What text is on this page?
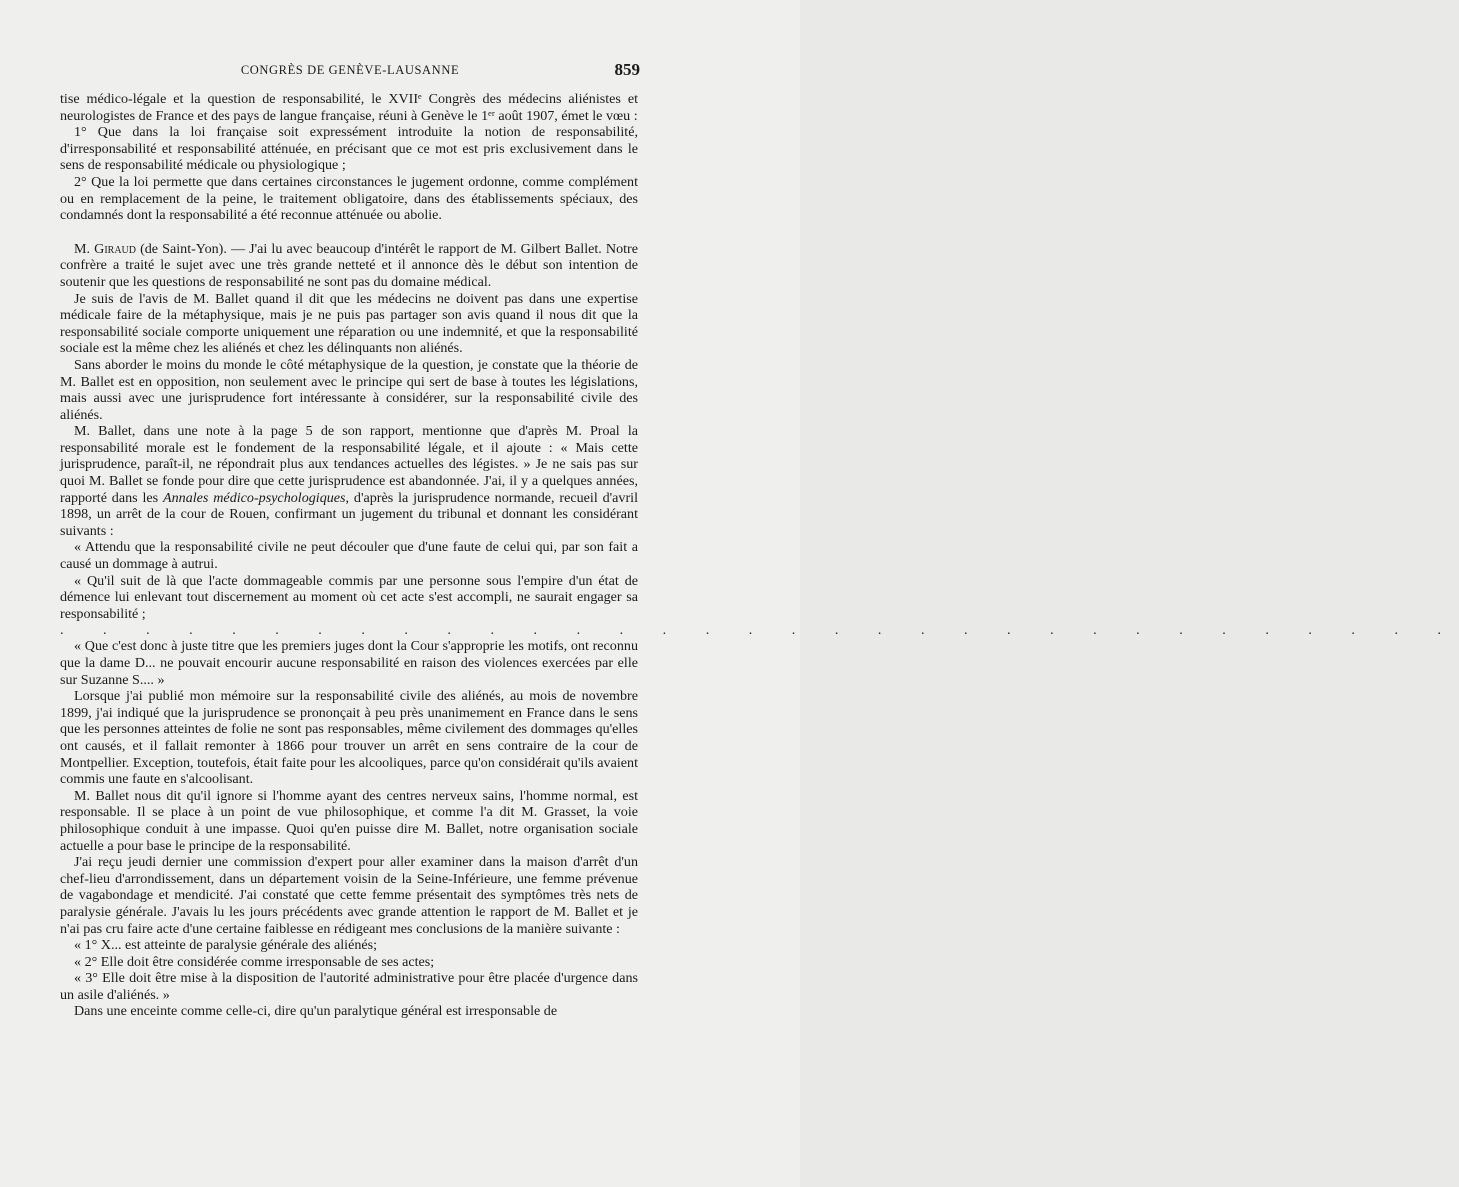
CONGRÈS DE GENÈVE-LAUSANNE	859

tise médico-légale et la question de responsabilité, le XVIIᵉ Congrès des médecins aliénistes et neurologistes de France et des pays de langue française, réuni à Genève le 1ᵉʳ août 1907, émet le vœu :

1° Que dans la loi française soit expressément introduite la notion de responsabilité, d'irresponsabilité et responsabilité atténuée, en précisant que ce mot est pris exclusivement dans le sens de responsabilité médicale ou physiologique ;

2° Que la loi permette que dans certaines circonstances le jugement ordonne, comme complément ou en remplacement de la peine, le traitement obligatoire, dans des établissements spéciaux, des condamnés dont la responsabilité a été reconnue atténuée ou abolie.

M. Giraud (de Saint-Yon). — J'ai lu avec beaucoup d'intérêt le rapport de M. Gilbert Ballet. Notre confrère a traité le sujet avec une très grande netteté et il annonce dès le début son intention de soutenir que les questions de responsabilité ne sont pas du domaine médical.

Je suis de l'avis de M. Ballet quand il dit que les médecins ne doivent pas dans une expertise médicale faire de la métaphysique, mais je ne puis pas partager son avis quand il nous dit que la responsabilité sociale comporte uniquement une réparation ou une indemnité, et que la responsabilité sociale est la même chez les aliénés et chez les délinquants non aliénés.

Sans aborder le moins du monde le côté métaphysique de la question, je constate que la théorie de M. Ballet est en opposition, non seulement avec le principe qui sert de base à toutes les législations, mais aussi avec une jurisprudence fort intéressante à considérer, sur la responsabilité civile des aliénés.

M. Ballet, dans une note à la page 5 de son rapport, mentionne que d'après M. Proal la responsabilité morale est le fondement de la responsabilité légale, et il ajoute : « Mais cette jurisprudence, paraît-il, ne répondrait plus aux tendances actuelles des légistes. » Je ne sais pas sur quoi M. Ballet se fonde pour dire que cette jurisprudence est abandonnée. J'ai, il y a quelques années, rapporté dans les Annales médico-psychologiques, d'après la jurisprudence normande, recueil d'avril 1898, un arrêt de la cour de Rouen, confirmant un jugement du tribunal et donnant les considérant suivants :

« Attendu que la responsabilité civile ne peut découler que d'une faute de celui qui, par son fait a causé un dommage à autrui.

« Qu'il suit de là que l'acte dommageable commis par une personne sous l'empire d'un état de démence lui enlevant tout discernement au moment où cet acte s'est accompli, ne saurait engager sa responsabilité ;

. . . . . . . . . . . . . . . . . . . . . . . . . . . . . . . . .

« Que c'est donc à juste titre que les premiers juges dont la Cour s'approprie les motifs, ont reconnu que la dame D... ne pouvait encourir aucune responsabilité en raison des violences exercées par elle sur Suzanne S.... »

Lorsque j'ai publié mon mémoire sur la responsabilité civile des aliénés, au mois de novembre 1899, j'ai indiqué que la jurisprudence se prononçait à peu près unanimement en France dans le sens que les personnes atteintes de folie ne sont pas responsables, même civilement des dommages qu'elles ont causés, et il fallait remonter à 1866 pour trouver un arrêt en sens contraire de la cour de Montpellier. Exception, toutefois, était faite pour les alcooliques, parce qu'on considérait qu'ils avaient commis une faute en s'alcoolisant.

M. Ballet nous dit qu'il ignore si l'homme ayant des centres nerveux sains, l'homme normal, est responsable. Il se place à un point de vue philosophique, et comme l'a dit M. Grasset, la voie philosophique conduit à une impasse. Quoi qu'en puisse dire M. Ballet, notre organisation sociale actuelle a pour base le principe de la responsabilité.

J'ai reçu jeudi dernier une commission d'expert pour aller examiner dans la maison d'arrêt d'un chef-lieu d'arrondissement, dans un département voisin de la Seine-Inférieure, une femme prévenue de vagabondage et mendicité. J'ai constaté que cette femme présentait des symptômes très nets de paralysie générale. J'avais lu les jours précédents avec grande attention le rapport de M. Ballet et je n'ai pas cru faire acte d'une certaine faiblesse en rédigeant mes conclusions de la manière suivante :

« 1° X... est atteinte de paralysie générale des aliénés;

« 2° Elle doit être considérée comme irresponsable de ses actes;

« 3° Elle doit être mise à la disposition de l'autorité administrative pour être placée d'urgence dans un asile d'aliénés. »

Dans une enceinte comme celle-ci, dire qu'un paralytique général est irresponsable de
